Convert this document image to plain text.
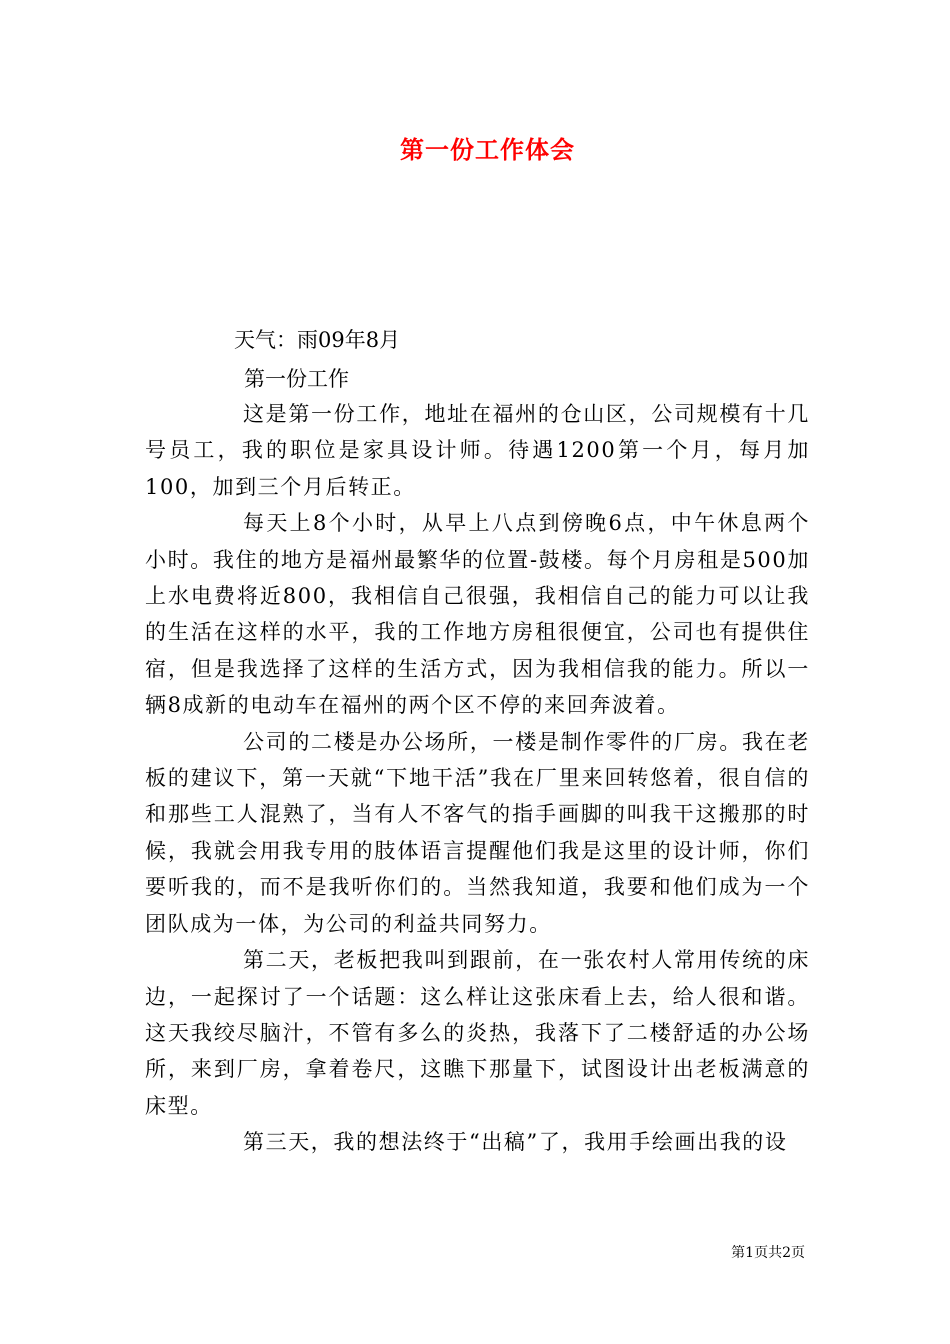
第一份工作体会
天气：雨09年8月
第一份工作

这是第一份工作，地址在福州的仓山区，公司规模有十几号员工，我的职位是家具设计师。待遇1200第一个月，每月加100，加到三个月后转正。

每天上8个小时，从早上八点到傍晚6点，中午休息两个小时。我住的地方是福州最繁华的位置-鼓楼。每个月房租是500加上水电费将近800，我相信自己很强，我相信自己的能力可以让我的生活在这样的水平，我的工作地方房租很便宜，公司也有提供住宿，但是我选择了这样的生活方式，因为我相信我的能力。所以一辆8成新的电动车在福州的两个区不停的来回奔波着。

公司的二楼是办公场所，一楼是制作零件的厂房。我在老板的建议下，第一天就“下地干活”我在厂里来回转悠着，很自信的和那些工人混熟了，当有人不客气的指手画脚的叫我干这搬那的时候，我就会用我专用的肢体语言提醒他们我是这里的设计师，你们要听我的，而不是我听你们的。当然我知道，我要和他们成为一个团队成为一体，为公司的利益共同努力。

第二天，老板把我叫到跟前，在一张农村人常用传统的床边，一起探讨了一个话题：这么样让这张床看上去，给人很和谐。这天我绞尽脑汁，不管有多么的炎热，我落下了二楼舒适的办公场所，来到厂房，拿着卷尺，这瞧下那量下，试图设计出老板满意的床型。

第三天，我的想法终于“出稿”了，我用手绘画出我的设

第1页共2页
